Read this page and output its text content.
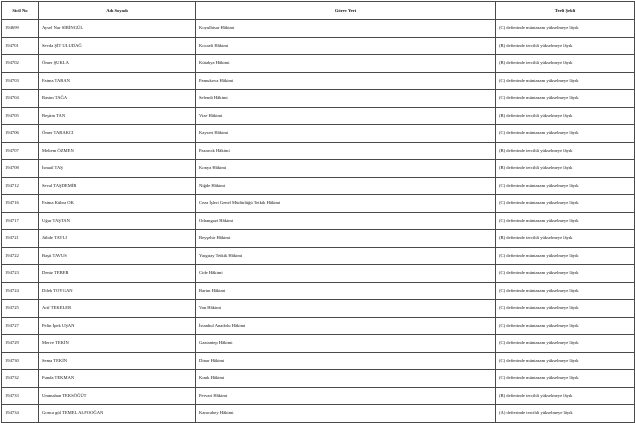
Sicil No	Adı Soyadı	Görev Yeri	Terfi Şekli
194699	Aysel Nur SİRİNGÜL	Koyulhisar Hâkimi	(C) defterinde müntazam yükselmeye lâyık
194701	Sevda ŞİT ULUDAĞ	Kocaeli Hâkimi	(B) defterinde tercihli yükselmeye lâyık
194702	Ömer ŞUKLA	Kütahya Hâkimi	(B) defterinde tercihli yükselmeye lâyık
194703	Fatma TABAN	Pamukova Hâkimi	(C) defterinde müntazam yükselmeye lâyık
194704	Rasim TAĞA	Selendi Hâkimi	(C) defterinde müntazam yükselmeye lâyık
194705	Beştim TAN	Vize Hâkimi	(B) defterinde tercihli yükselmeye lâyık
194706	Ömer TARAKCI	Kayseri Hâkimi	(C) defterinde müntazam yükselmeye lâyık
194707	Meltem ÖZMEN	Pazarcık Hâkimi	(B) defterinde tercihli yükselmeye lâyık
194708	İsmail TAŞ	Konya Hâkimi	(B) defterinde tercihli yükselmeye lâyık
194712	Seval TAŞDEMİR	Niğde Hâkimi	(C) defterinde müntazam yükselmeye lâyık
194716	Fatma Kübra OK	Ceza İşleri Genel Müdürlüğü Tetkik Hâkimi	(C) defterinde müntazam yükselmeye lâyık
194717	Uğur TAŞTAN	Orhangazi Hâkimi	(C) defterinde müntazam yükselmeye lâyık
194721	Jülide TAVLI	Beyşehir Hâkimi	(B) defterinde tercihli yükselmeye lâyık
194722	Başit TAVUS	Yargıtay Tetkik Hâkimi	(C) defterinde müntazam yükselmeye lâyık
194723	Deniz TEBER	Cide Hâkimi	(C) defterinde müntazam yükselmeye lâyık
194724	Dilek TOYGAN	Bartın Hâkimi	(C) defterinde müntazam yükselmeye lâyık
194725	Arif TEKELER	Van Hâkimi	(C) defterinde müntazam yükselmeye lâyık
194727	Pelin İpek UŞAN	İstanbul Anadolu Hâkimi	(C) defterinde müntazam yükselmeye lâyık
194729	Merve TEKİN	Gaziantep Hâkimi	(C) defterinde müntazam yükselmeye lâyık
194730	Sema TEKİN	Dinar Hâkimi	(C) defterinde müntazam yükselmeye lâyık
194732	Funda TEKMAN	Kınık Hâkimi	(C) defterinde müntazam yükselmeye lâyık
194733	Ummahan TEKSÖĞÜT	Pervari Hâkimi	(B) defterinde tercihli yükselmeye lâyık
194734	Gonca gül TEMEL ALFOOĞAN	Karacabey Hâkimi	(A) defterinde tercihli yükselmeye lâyık
